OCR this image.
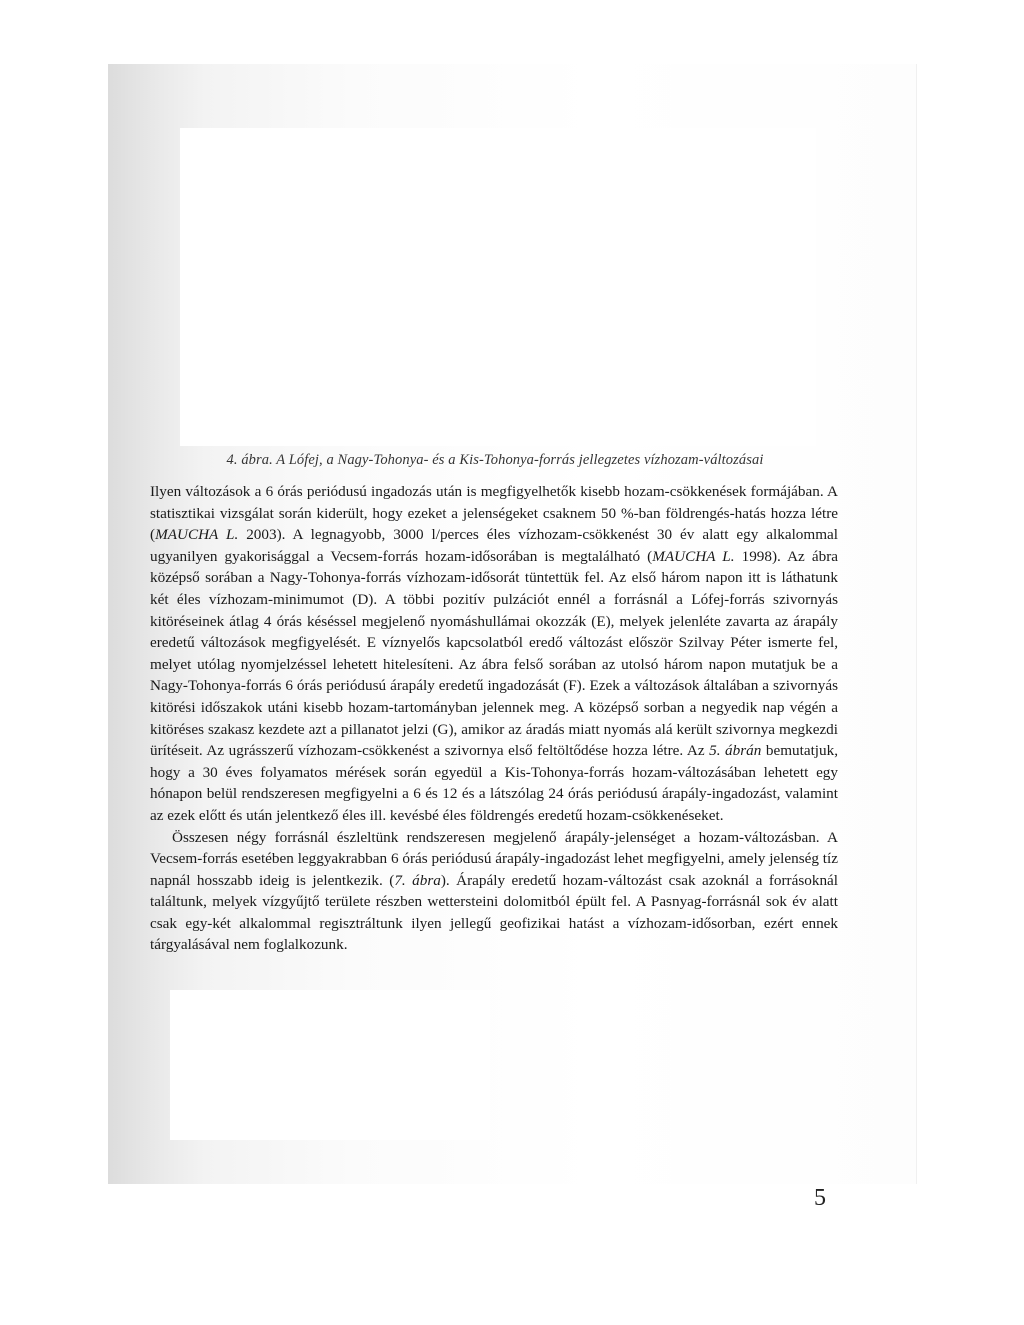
4. ábra. A Lófej, a Nagy-Tohonya- és a Kis-Tohonya-forrás jellegzetes vízhozam-változásai

Ilyen változások a 6 órás periódusú ingadozás után is megfigyelhetők kisebb hozam-csökkenések formájában. A statisztikai vizsgálat során kiderült, hogy ezeket a jelenségeket csaknem 50 %-ban földrengés-hatás hozza létre (MAUCHA L. 2003). A legnagyobb, 3000 l/perces éles vízhozam-csökkenést 30 év alatt egy alkalommal ugyanilyen gyakorisággal a Vecsem-forrás hozam-idősorában is megtalálható (MAUCHA L. 1998). Az ábra középső sorában a Nagy-Tohonya-forrás vízhozam-idősorát tüntettük fel. Az első három napon itt is láthatunk két éles vízhozam-minimumot (D). A többi pozitív pulzációt ennél a forrásnál a Lófej-forrás szivornyás kitöréseinek átlag 4 órás késéssel megjelenő nyomáshullámai okozzák (E), melyek jelenléte zavarta az árapály eredetű változások megfigyelését. E víznyelős kapcsolatból eredő változást először Szilvay Péter ismerte fel, melyet utólag nyomjelzéssel lehetett hitelesíteni. Az ábra felső sorában az utolsó három napon mutatjuk be a Nagy-Tohonya-forrás 6 órás periódusú árapály eredetű ingadozását (F). Ezek a változások általában a szivornyás kitörési időszakok utáni kisebb hozam-tartományban jelennek meg. A középső sorban a negyedik nap végén a kitöréses szakasz kezdete azt a pillanatot jelzi (G), amikor az áradás miatt nyomás alá került szivornya megkezdi ürítéseit. Az ugrásszerű vízhozam-csökkenést a szivornya első feltöltődése hozza létre. Az 5. ábrán bemutatjuk, hogy a 30 éves folyamatos mérések során egyedül a Kis-Tohonya-forrás hozam-változásában lehetett egy hónapon belül rendszeresen megfigyelni a 6 és 12 és a látszólag 24 órás periódusú árapály-ingadozást, valamint az ezek előtt és után jelentkező éles ill. kevésbé éles földrengés eredetű hozam-csökkenéseket.

Összesen négy forrásnál észleltünk rendszeresen megjelenő árapály-jelenséget a hozam-változásban. A Vecsem-forrás esetében leggyakrabban 6 órás periódusú árapály-ingadozást lehet megfigyelni, amely jelenség tíz napnál hosszabb ideig is jelentkezik. (7. ábra). Árapály eredetű hozam-változást csak azoknál a forrásoknál találtunk, melyek vízgyűjtő területe részben wettersteini dolomitból épült fel. A Pasnyag-forrásnál sok év alatt csak egy-két alkalommal regisztráltunk ilyen jellegű geofizikai hatást a vízhozam-idősorban, ezért ennek tárgyalásával nem foglalkozunk.

5
